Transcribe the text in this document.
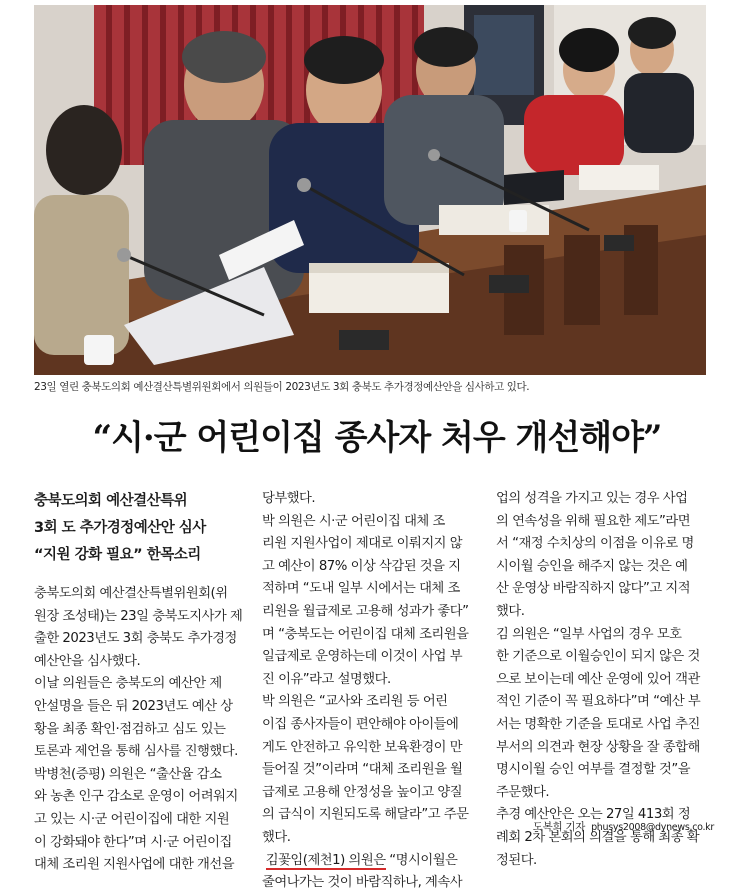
23일 열린 충북도의회 예산결산특별위원회에서 의원들이 2023년도 3회 충북도 추가경정예산안을 심사하고 있다.
“시·군 어린이집 종사자 처우 개선해야”
충북도의회 예산결산특위
3회 도 추가경정예산안 심사
“지원 강화 필요” 한목소리
충북도의회 예산결산특별위원회(위
원장 조성태)는 23일 충북도지사가 제
출한 2023년도 3회 충북도 추가경정
예산안을 심사했다.
이날 의원들은 충북도의 예산안 제
안설명을 들은 뒤 2023년도 예산 상
황을 최종 확인·점검하고 심도 있는
토론과 제언을 통해 심사를 진행했다.
박병천(증평) 의원은 “출산율 감소
와 농촌 인구 감소로 운영이 어려워지
고 있는 시·군 어린이집에 대한 지원
이 강화돼야 한다”며 시·군 어린이집
대체 조리원 지원사업에 대한 개선을
당부했다.
박 의원은 시·군 어린이집 대체 조
리원 지원사업이 제대로 이뤄지지 않
고 예산이 87% 이상 삭감된 것을 지
적하며 “도내 일부 시에서는 대체 조
리원을 월급제로 고용해 성과가 좋다”
며 “충북도는 어린이집 대체 조리원을
일급제로 운영하는데 이것이 사업 부
진 이유”라고 설명했다.
박 의원은 “교사와 조리원 등 어린
이집 종사자들이 편안해야 아이들에
게도 안전하고 유익한 보육환경이 만
들어질 것”이라며 “대체 조리원을 월
급제로 고용해 안정성을 높이고 양질
의 급식이 지원되도록 해달라”고 주문
했다.
김꽃임(제천1) 의원은 “명시이월은
줄여나가는 것이 바람직하나, 계속사
업의 성격을 가지고 있는 경우 사업
의 연속성을 위해 필요한 제도”라면
서 “재정 수치상의 이점을 이유로 명
시이월 승인을 해주지 않는 것은 예
산 운영상 바람직하지 않다”고 지적
했다.
김 의원은 “일부 사업의 경우 모호
한 기준으로 이월승인이 되지 않은 것
으로 보이는데 예산 운영에 있어 객관
적인 기준이 꼭 필요하다”며 “예산 부
서는 명확한 기준을 토대로 사업 추진
부서의 의견과 현장 상황을 잘 종합해
명시이월 승인 여부를 결정할 것”을
주문했다.
추경 예산안은 오는 27일 413회 정
례회 2차 본회의 의결을 통해 최종 확
정된다.
도복희 기자 phusys2008@dynews.co.kr
